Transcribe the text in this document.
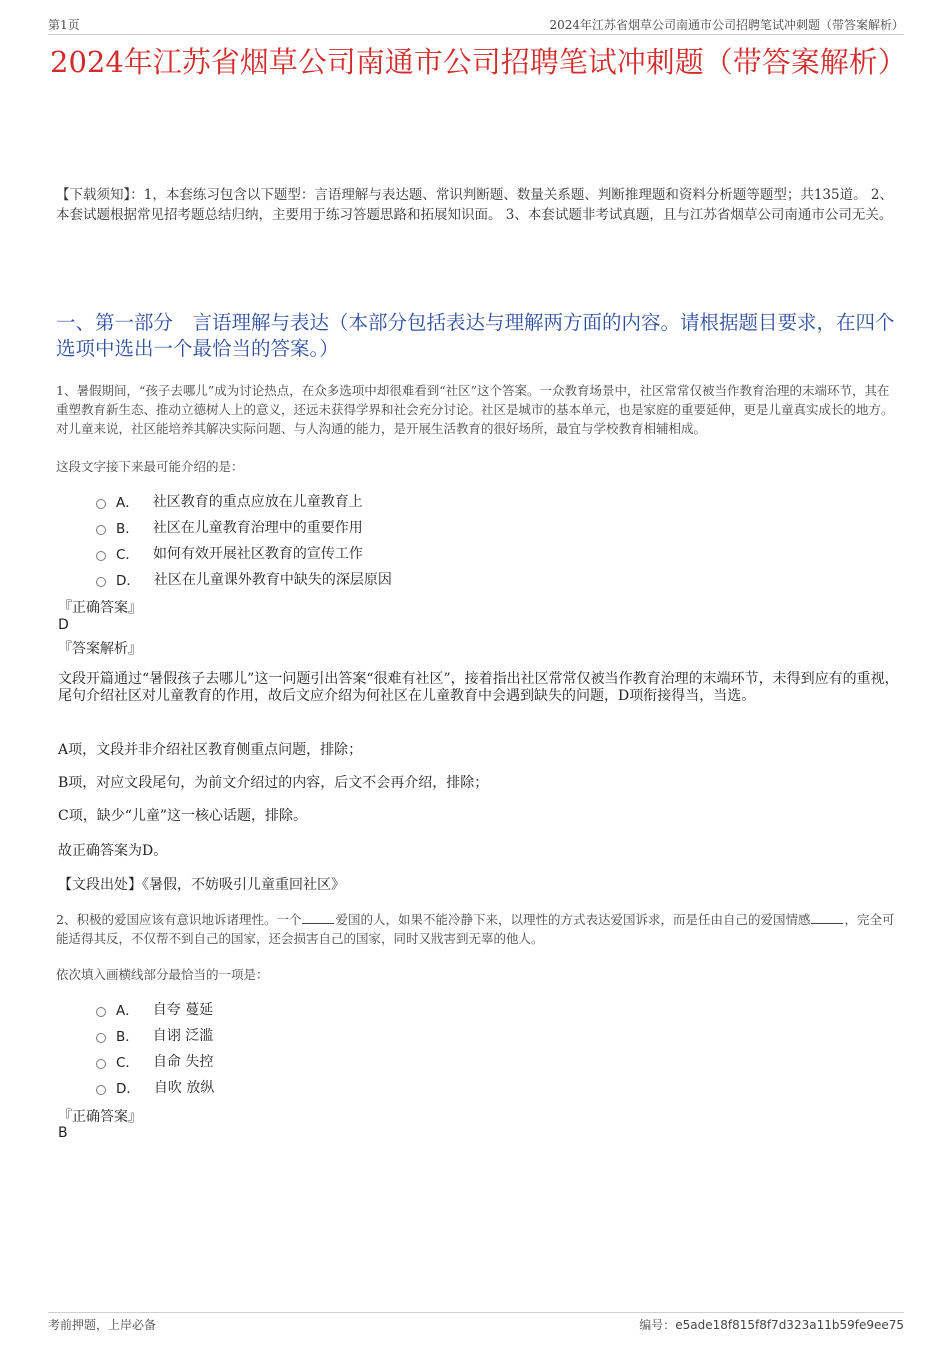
第1页	2024年江苏省烟草公司南通市公司招聘笔试冲刺题（带答案解析）
2024年江苏省烟草公司南通市公司招聘笔试冲刺题（带答案解析）
【下载须知】：1，本套练习包含以下题型：言语理解与表达题、常识判断题、数量关系题、判断推理题和资料分析题等题型；共135道。 2、本套试题根据常见招考题总结归纳，主要用于练习答题思路和拓展知识面。 3、本套试题非考试真题，且与江苏省烟草公司南通市公司无关。
一、第一部分　言语理解与表达（本部分包括表达与理解两方面的内容。请根据题目要求，在四个选项中选出一个最恰当的答案。）
1、暑假期间，“孩子去哪儿”成为讨论热点，在众多选项中却很难看到“社区”这个答案。一众教育场景中，社区常常仅被当作教育治理的末端环节，其在重塑教育新生态、推动立德树人上的意义，还远未获得学界和社会充分讨论。社区是城市的基本单元，也是家庭的重要延伸，更是儿童真实成长的地方。对儿童来说，社区能培养其解决实际问题、与人沟通的能力，是开展生活教育的很好场所，最宜与学校教育相辅相成。
这段文字接下来最可能介绍的是：
A． 社区教育的重点应放在儿童教育上
B． 社区在儿童教育治理中的重要作用
C． 如何有效开展社区教育的宣传工作
D． 社区在儿童课外教育中缺失的深层原因
『正确答案』
D
『答案解析』
文段开篇通过“暑假孩子去哪儿”这一问题引出答案“很难有社区”，接着指出社区常常仅被当作教育治理的末端环节，未得到应有的重视，尾句介绍社区对儿童教育的作用，故后文应介绍为何社区在儿童教育中会遇到缺失的问题，D项衔接得当，当选。
A项，文段并非介绍社区教育侧重点问题，排除；
B项，对应文段尾句，为前文介绍过的内容，后文不会再介绍，排除；
C项，缺少“儿童”这一核心话题，排除。
故正确答案为D。
【文段出处】《暑假，不妨吸引儿童重回社区》
2、积极的爱国应该有意识地诉诸理性。一个	爱国的人，如果不能冷静下来，以理性的方式表达爱国诉求，而是任由自己的爱国情感	，完全可能适得其反，不仅帮不到自己的国家，还会损害自己的国家，同时又戕害到无辜的他人。
依次填入画横线部分最恰当的一项是：
A． 自夸 蔓延
B． 自诩 泛滥
C． 自命 失控
D． 自吹 放纵
『正确答案』
B
考前押题，上岸必备	编号：e5ade18f815f8f7d323a11b59fe9ee75
